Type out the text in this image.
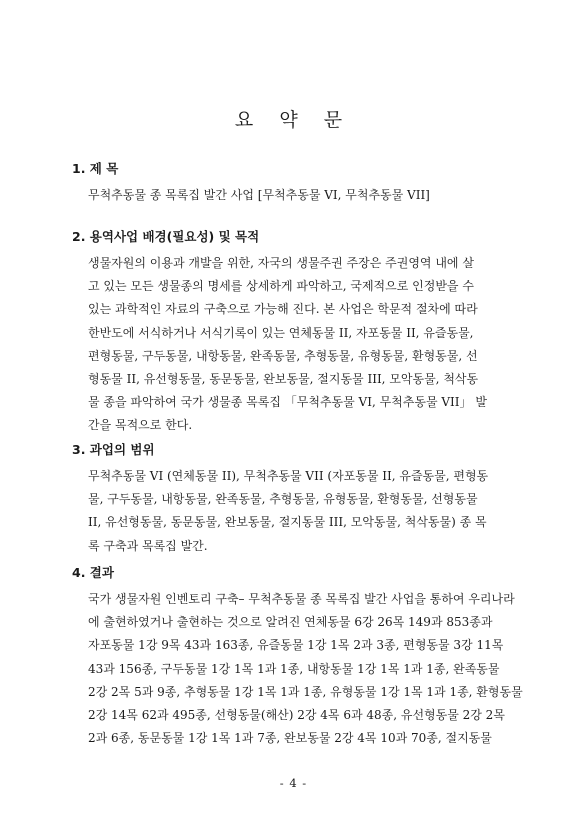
요 약 문
1. 제 목
무척추동물 종 목록집 발간 사업 [무척추동물 VI, 무척추동물 VII]
2. 용역사업 배경(필요성) 및 목적
생물자원의 이용과 개발을 위한, 자국의 생물주권 주장은 주권영역 내에 살
고 있는 모든 생물종의 명세를 상세하게 파악하고, 국제적으로 인정받을 수
있는 과학적인 자료의 구축으로 가능해 진다. 본 사업은 학문적 절차에 따라
한반도에 서식하거나 서식기록이 있는 연체동물 II, 자포동물 II, 유즐동물,
편형동물, 구두동물, 내항동물, 완족동물, 추형동물, 유형동물, 환형동물, 선
형동물 II, 유선형동물, 동문동물, 완보동물, 절지동물 III, 모악동물, 척삭동
물 종을 파악하여 국가 생물종 목록집 「무척추동물 VI, 무척추동물 VII」 발
간을 목적으로 한다.
3. 과업의 범위
무척추동물 VI (연체동물 II), 무척추동물 VII (자포동물 II, 유즐동물, 편형동
물, 구두동물, 내항동물, 완족동물, 추형동물, 유형동물, 환형동물, 선형동물
II, 유선형동물, 동문동물, 완보동물, 절지동물 III, 모악동물, 척삭동물) 종 목
록 구축과 목록집 발간.
4. 결과
국가 생물자원 인벤토리 구축– 무척추동물 종 목록집 발간 사업을 통하여 우리나라
에 출현하였거나 출현하는 것으로 알려진 연체동물 6강 26목 149과 853종과
자포동물 1강 9목 43과 163종, 유즐동물 1강 1목 2과 3종, 편형동물 3강 11목
43과 156종, 구두동물 1강 1목 1과 1종, 내항동물 1강 1목 1과 1종, 완족동물
2강 2목 5과 9종, 추형동물 1강 1목 1과 1종, 유형동물 1강 1목 1과 1종, 환형동물
2강 14목 62과 495종, 선형동물(해산) 2강 4목 6과 48종, 유선형동물 2강 2목
2과 6종, 동문동물 1강 1목 1과 7종, 완보동물 2강 4목 10과 70종, 절지동물
- 4 -
